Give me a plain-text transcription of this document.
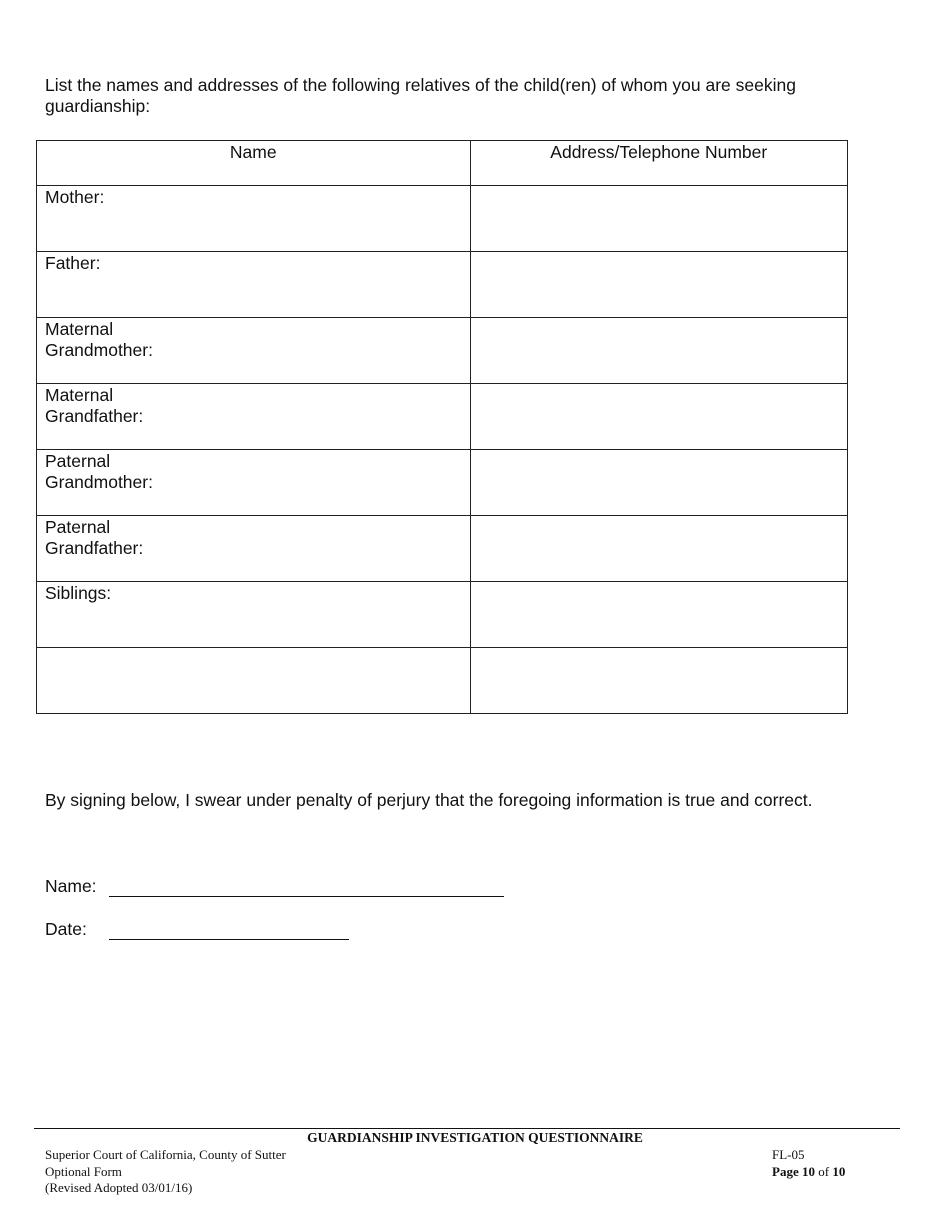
List the names and addresses of the following relatives of the child(ren) of whom you are seeking guardianship:

Name	Address/Telephone Number
Mother:	
Father:	
Maternal
Grandmother:	
Maternal
Grandfather:	
Paternal
Grandmother:	
Paternal
Grandfather:	
Siblings:	

By signing below, I swear under penalty of perjury that the foregoing information is true and correct.

Name:
Date:
GUARDIANSHIP INVESTIGATION QUESTIONNAIRE
Superior Court of California, County of Sutter
Optional Form
(Revised Adopted 03/01/16)
FL-05
Page 10 of 10
